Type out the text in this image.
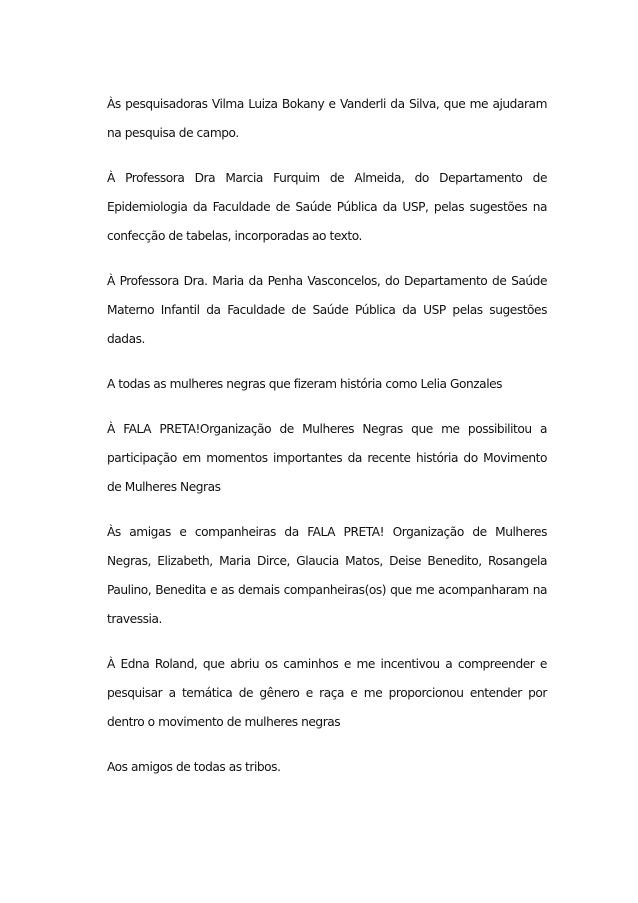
Às pesquisadoras Vilma Luiza Bokany e Vanderli da Silva, que me ajudaram na pesquisa de campo.

À Professora Dra Marcia Furquim de Almeida, do Departamento de Epidemiologia da Faculdade de Saúde Pública da USP, pelas sugestões na confecção de tabelas, incorporadas ao texto.

À Professora Dra. Maria da Penha Vasconcelos, do Departamento de Saúde Materno Infantil da Faculdade de Saúde Pública da USP pelas sugestões dadas.

A todas as mulheres negras que fizeram história como Lelia Gonzales

À FALA PRETA!Organização de Mulheres Negras que me possibilitou a participação em momentos importantes da recente história do Movimento de Mulheres Negras

Às amigas e companheiras da FALA PRETA! Organização de Mulheres Negras, Elizabeth, Maria Dirce, Glaucia Matos, Deise Benedito, Rosangela Paulino, Benedita e as demais companheiras(os) que me acompanharam na travessia.

À Edna Roland, que abriu os caminhos e me incentivou a compreender e pesquisar a temática de gênero e raça e me proporcionou entender por dentro o movimento de mulheres negras

Aos amigos de todas as tribos.
